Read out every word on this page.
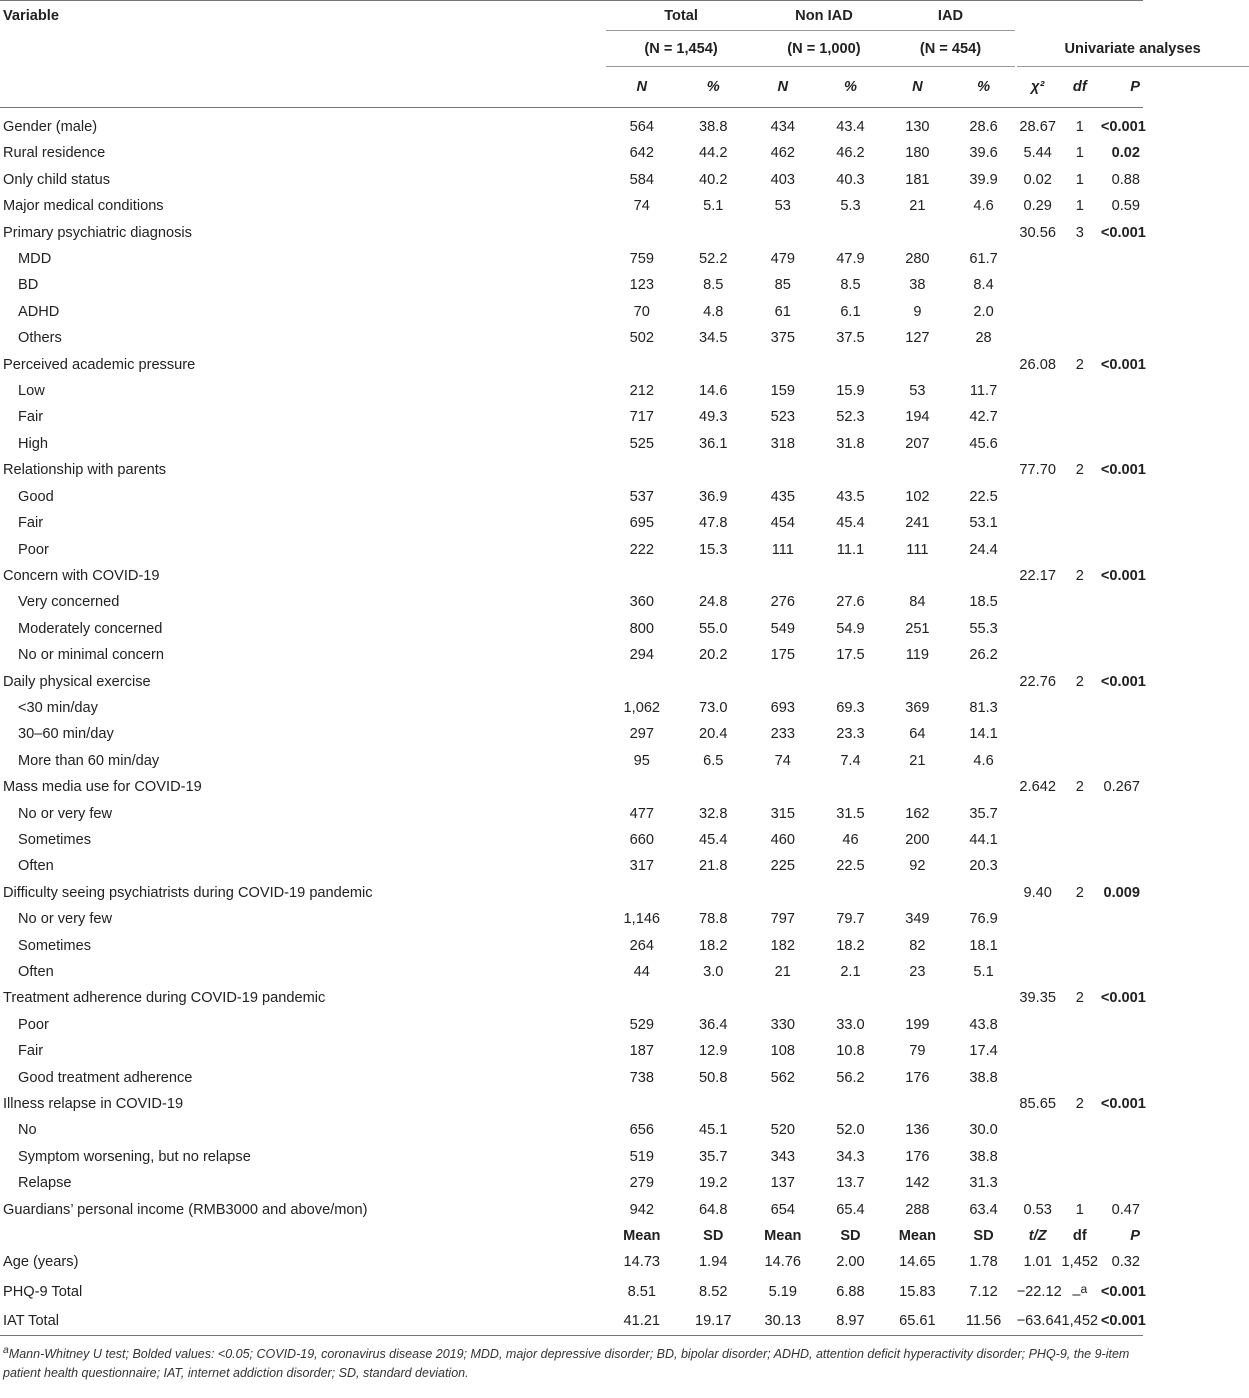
Variable	Total		Non IAD		IAD				
	(N = 1,454)		(N = 1,000)		(N = 454)		Univariate analyses		
	N	%	N	%	N	%	χ²	df	P
Gender (male)	564	38.8	434	43.4	130	28.6	28.67	1	<0.001
Rural residence	642	44.2	462	46.2	180	39.6	5.44	1	0.02
Only child status	584	40.2	403	40.3	181	39.9	0.02	1	0.88
Major medical conditions	74	5.1	53	5.3	21	4.6	0.29	1	0.59
Primary psychiatric diagnosis							30.56	3	<0.001
MDD	759	52.2	479	47.9	280	61.7			
BD	123	8.5	85	8.5	38	8.4			
ADHD	70	4.8	61	6.1	9	2.0			
Others	502	34.5	375	37.5	127	28			
Perceived academic pressure							26.08	2	<0.001
Low	212	14.6	159	15.9	53	11.7			
Fair	717	49.3	523	52.3	194	42.7			
High	525	36.1	318	31.8	207	45.6			
Relationship with parents							77.70	2	<0.001
Good	537	36.9	435	43.5	102	22.5			
Fair	695	47.8	454	45.4	241	53.1			
Poor	222	15.3	111	11.1	111	24.4			
Concern with COVID-19							22.17	2	<0.001
Very concerned	360	24.8	276	27.6	84	18.5			
Moderately concerned	800	55.0	549	54.9	251	55.3			
No or minimal concern	294	20.2	175	17.5	119	26.2			
Daily physical exercise							22.76	2	<0.001
<30 min/day	1,062	73.0	693	69.3	369	81.3			
30–60 min/day	297	20.4	233	23.3	64	14.1			
More than 60 min/day	95	6.5	74	7.4	21	4.6			
Mass media use for COVID-19							2.642	2	0.267
No or very few	477	32.8	315	31.5	162	35.7			
Sometimes	660	45.4	460	46	200	44.1			
Often	317	21.8	225	22.5	92	20.3			
Difficulty seeing psychiatrists during COVID-19 pandemic							9.40	2	0.009
No or very few	1,146	78.8	797	79.7	349	76.9			
Sometimes	264	18.2	182	18.2	82	18.1			
Often	44	3.0	21	2.1	23	5.1			
Treatment adherence during COVID-19 pandemic							39.35	2	<0.001
Poor	529	36.4	330	33.0	199	43.8			
Fair	187	12.9	108	10.8	79	17.4			
Good treatment adherence	738	50.8	562	56.2	176	38.8			
Illness relapse in COVID-19							85.65	2	<0.001
No	656	45.1	520	52.0	136	30.0			
Symptom worsening, but no relapse	519	35.7	343	34.3	176	38.8			
Relapse	279	19.2	137	13.7	142	31.3			
Guardians’ personal income (RMB3000 and above/mon)	942	64.8	654	65.4	288	63.4	0.53	1	0.47
	Mean	SD	Mean	SD	Mean	SD	t/Z	df	P
Age (years)	14.73	1.94	14.76	2.00	14.65	1.78	1.01	1,452	0.32
PHQ-9 Total	8.51	8.52	5.19	6.88	15.83	7.12	−22.12	–$^a$	<0.001
IAT Total	41.21	19.17	30.13	8.97	65.61	11.56	−63.64	1,452	<0.001
$^a$Mann-Whitney U test; Bolded values: <0.05; COVID-19, coronavirus disease 2019; MDD, major depressive disorder; BD, bipolar disorder; ADHD, attention deficit hyperactivity disorder; PHQ-9, the 9-item patient health questionnaire; IAT, internet addiction disorder; SD, standard deviation.
